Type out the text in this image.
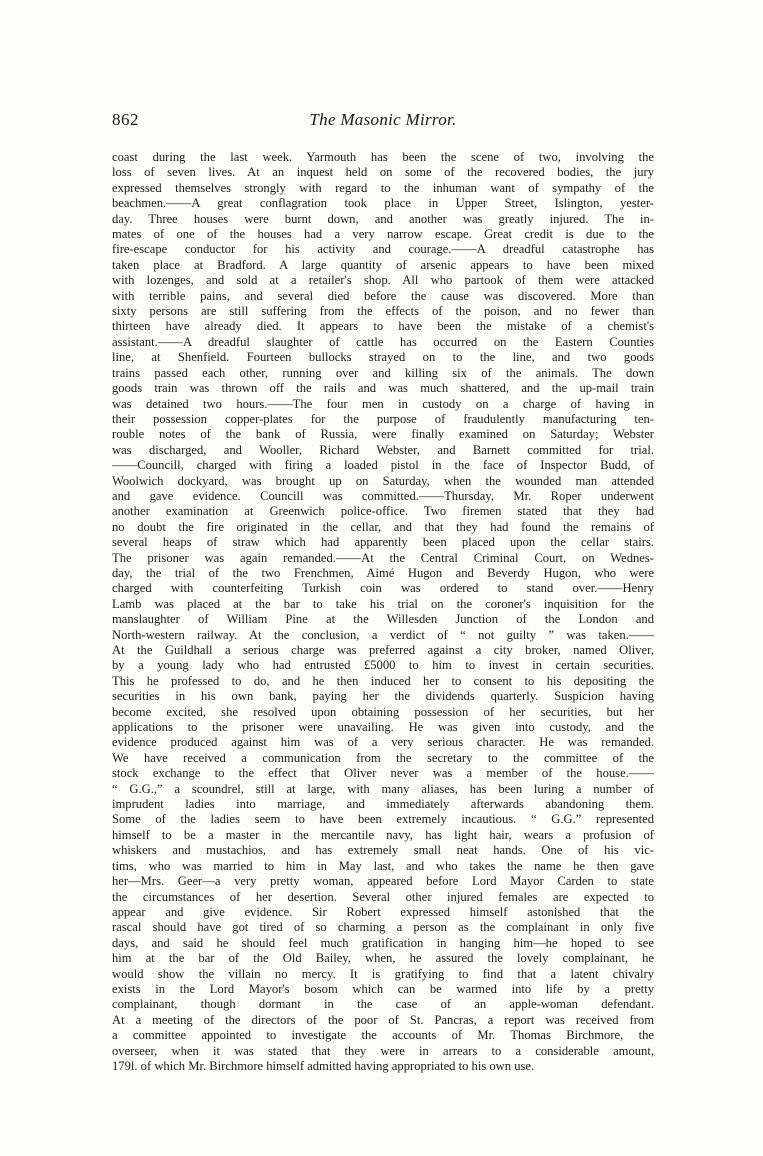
862	The Masonic Mirror.
coast during the last week. Yarmouth has been the scene of two, involving the
loss of seven lives. At an inquest held on some of the recovered bodies, the jury
expressed themselves strongly with regard to the inhuman want of sympathy of the
beachmen.——A great conflagration took place in Upper Street, Islington, yester-
day. Three houses were burnt down, and another was greatly injured. The in-
mates of one of the houses had a very narrow escape. Great credit is due to the
fire-escape conductor for his activity and courage.——A dreadful catastrophe has
taken place at Bradford. A large quantity of arsenic appears to have been mixed
with lozenges, and sold at a retailer's shop. All who partook of them were attacked
with terrible pains, and several died before the cause was discovered. More than
sixty persons are still suffering from the effects of the poison, and no fewer than
thirteen have already died. It appears to have been the mistake of a chemist's
assistant.——A dreadful slaughter of cattle has occurred on the Eastern Counties
line, at Shenfield. Fourteen bullocks strayed on to the line, and two goods
trains passed each other, running over and killing six of the animals. The down
goods train was thrown off the rails and was much shattered, and the up-mail train
was detained two hours.——The four men in custody on a charge of having in
their possession copper-plates for the purpose of fraudulently manufacturing ten-
rouble notes of the bank of Russia, were finally examined on Saturday; Webster
was discharged, and Wooller, Richard Webster, and Barnett committed for trial.
——Councill, charged with firing a loaded pistol in the face of Inspector Budd, of
Woolwich dockyard, was brought up on Saturday, when the wounded man attended
and gave evidence. Councill was committed.——Thursday, Mr. Roper underwent
another examination at Greenwich police-office. Two firemen stated that they had
no doubt the fire originated in the cellar, and that they had found the remains of
several heaps of straw which had apparently been placed upon the cellar stairs.
The prisoner was again remanded.——At the Central Criminal Court, on Wednes-
day, the trial of the two Frenchmen, Aimé Hugon and Beverdy Hugon, who were
charged with counterfeiting Turkish coin was ordered to stand over.——Henry
Lamb was placed at the bar to take his trial on the coroner's inquisition for the
manslaughter of William Pine at the Willesden Junction of the London and
North-western railway. At the conclusion, a verdict of “ not guilty ” was taken.——
At the Guildhall a serious charge was preferred against a city broker, named Oliver,
by a young lady who had entrusted £5000 to him to invest in certain securities.
This he professed to do, and he then induced her to consent to his depositing the
securities in his own bank, paying her the dividends quarterly. Suspicion having
become excited, she resolved upon obtaining possession of her securities, but her
applications to the prisoner were unavailing. He was given into custody, and the
evidence produced against him was of a very serious character. He was remanded.
We have received a communication from the secretary to the committee of the
stock exchange to the effect that Oliver never was a member of the house.——
“ G.G.,” a scoundrel, still at large, with many aliases, has been luring a number of
imprudent ladies into marriage, and immediately afterwards abandoning them.
Some of the ladies seem to have been extremely incautious. “ G.G.” represented
himself to be a master in the mercantile navy, has light hair, wears a profusion of
whiskers and mustachios, and has extremely small neat hands. One of his vic-
tims, who was married to him in May last, and who takes the name he then gave
her—Mrs. Geer—a very pretty woman, appeared before Lord Mayor Carden to state
the circumstances of her desertion. Several other injured females are expected to
appear and give evidence. Sir Robert expressed himself astonished that the
rascal should have got tired of so charming a person as the complainant in only five
days, and said he should feel much gratification in hanging him—he hoped to see
him at the bar of the Old Bailey, when, he assured the lovely complainant, he
would show the villain no mercy. It is gratifying to find that a latent chivalry
exists in the Lord Mayor's bosom which can be warmed into life by a pretty
complainant, though dormant in the case of an apple-woman defendant.
At a meeting of the directors of the poor of St. Pancras, a report was received from
a committee appointed to investigate the accounts of Mr. Thomas Birchmore, the
overseer, when it was stated that they were in arrears to a considerable amount,
179l. of which Mr. Birchmore himself admitted having appropriated to his own use.
